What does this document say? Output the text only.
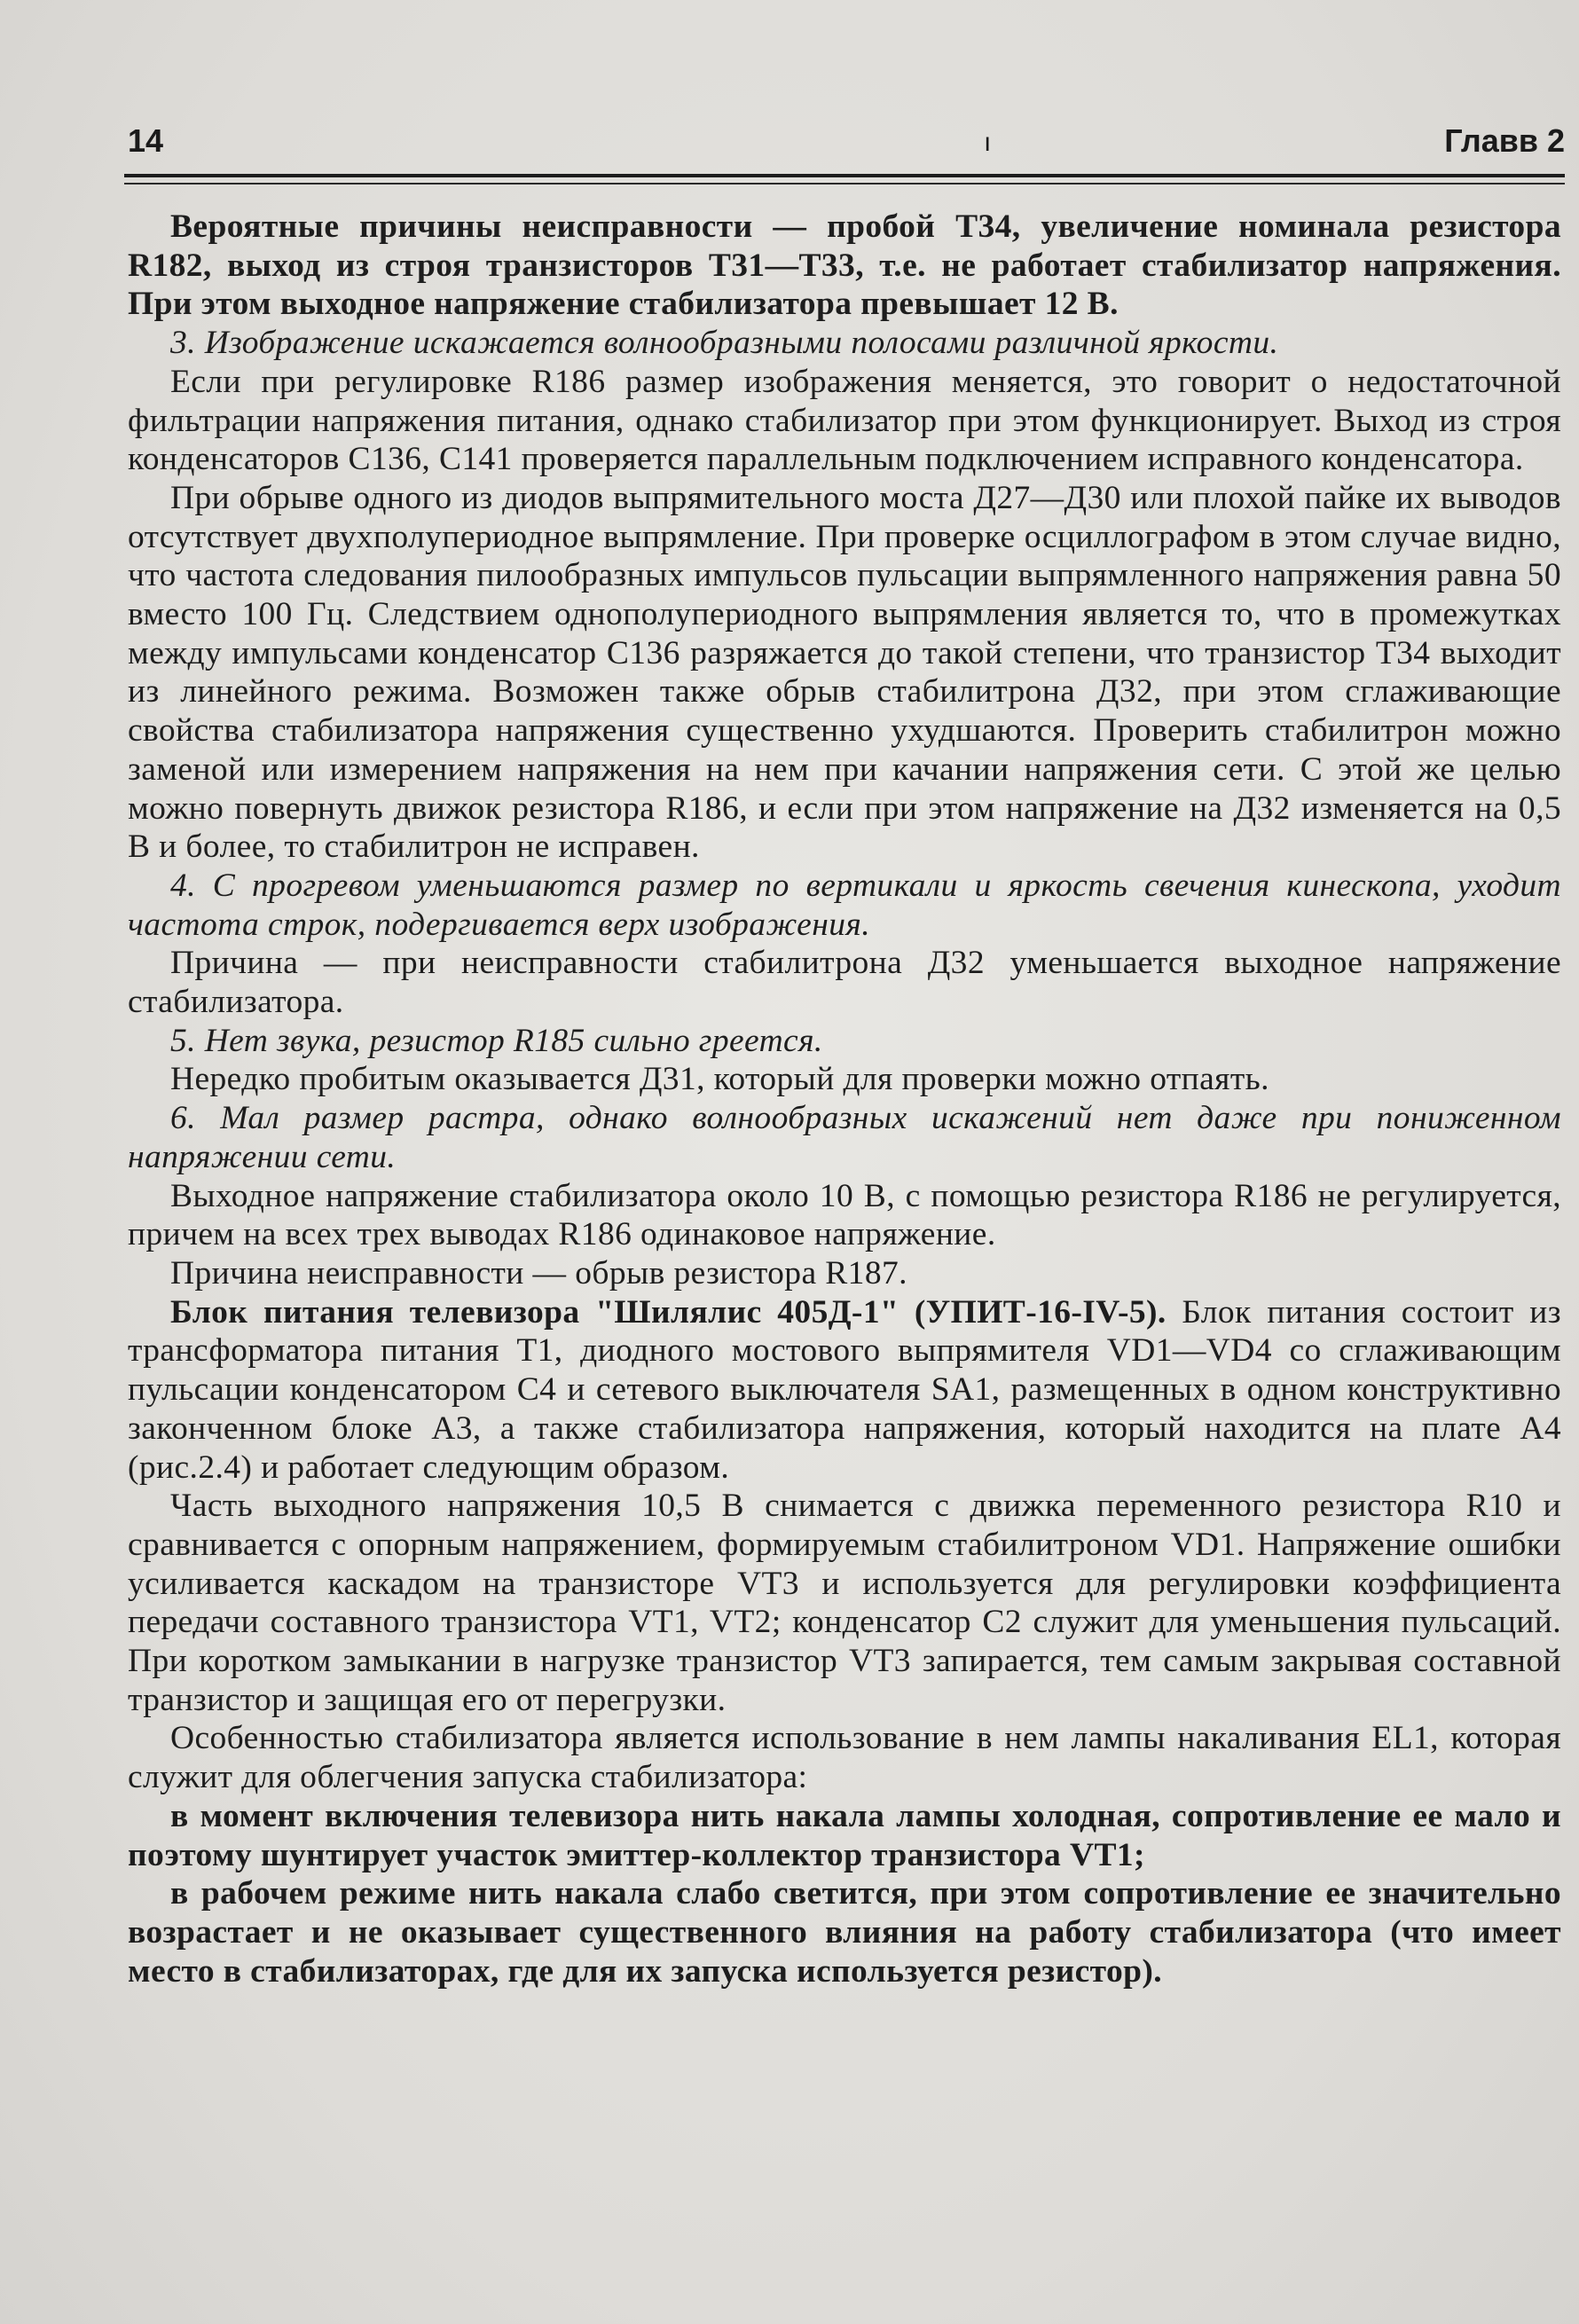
14	ı	Главв 2

Вероятные причины неисправности — пробой Т34, увеличение номинала резистора R182, выход из строя транзисторов Т31—Т33, т.е. не работает стабилизатор напряжения. При этом выходное напряжение стабилизатора превышает 12 В.

3. Изображение искажается волнообразными полосами различной яркости.

Если при регулировке R186 размер изображения меняется, это говорит о недостаточной фильтрации напряжения питания, однако стабилизатор при этом функционирует. Выход из строя конденсаторов С136, С141 проверяется параллельным подключением исправного конденсатора.

При обрыве одного из диодов выпрямительного моста Д27—Д30 или плохой пайке их выводов отсутствует двухполупериодное выпрямление. При проверке осциллографом в этом случае видно, что частота следования пилообразных импульсов пульсации выпрямленного напряжения равна 50 вместо 100 Гц. Следствием однополупериодного выпрямления является то, что в промежутках между импульсами конденсатор С136 разряжается до такой степени, что транзистор Т34 выходит из линейного режима. Возможен также обрыв стабилитрона Д32, при этом сглаживающие свойства стабилизатора напряжения существенно ухудшаются. Проверить стабилитрон можно заменой или измерением напряжения на нем при качании напряжения сети. С этой же целью можно повернуть движок резистора R186, и если при этом напряжение на Д32 изменяется на 0,5 В и более, то стабилитрон не исправен.

4. С прогревом уменьшаются размер по вертикали и яркость свечения кинескопа, уходит частота строк, подергивается верх изображения.

Причина — при неисправности стабилитрона Д32 уменьшается выходное напряжение стабилизатора.

5. Нет звука, резистор R185 сильно греется.

Нередко пробитым оказывается Д31, который для проверки можно отпаять.

6. Мал размер растра, однако волнообразных искажений нет даже при пониженном напряжении сети.

Выходное напряжение стабилизатора около 10 В, с помощью резистора R186 не регулируется, причем на всех трех выводах R186 одинаковое напряжение.

Причина неисправности — обрыв резистора R187.

Блок питания телевизора "Шилялис 405Д-1" (УПИТ-16-IV-5). Блок питания состоит из трансформатора питания Т1, диодного мостового выпрямителя VD1—VD4 со сглаживающим пульсации конденсатором С4 и сетевого выключателя SA1, размещенных в одном конструктивно законченном блоке А3, а также стабилизатора напряжения, который находится на плате А4 (рис.2.4) и работает следующим образом.

Часть выходного напряжения 10,5 В снимается с движка переменного резистора R10 и сравнивается с опорным напряжением, формируемым стабилитроном VD1. Напряжение ошибки усиливается каскадом на транзисторе VT3 и используется для регулировки коэффициента передачи составного транзистора VT1, VT2; конденсатор С2 служит для уменьшения пульсаций. При коротком замыкании в нагрузке транзистор VT3 запирается, тем самым закрывая составной транзистор и защищая его от перегрузки.

Особенностью стабилизатора является использование в нем лампы накаливания EL1, которая служит для облегчения запуска стабилизатора:

в момент включения телевизора нить накала лампы холодная, сопротивление ее мало и поэтому шунтирует участок эмиттер-коллектор транзистора VT1;

в рабочем режиме нить накала слабо светится, при этом сопротивление ее значительно возрастает и не оказывает существенного влияния на работу стабилизатора (что имеет место в стабилизаторах, где для их запуска используется резистор).
